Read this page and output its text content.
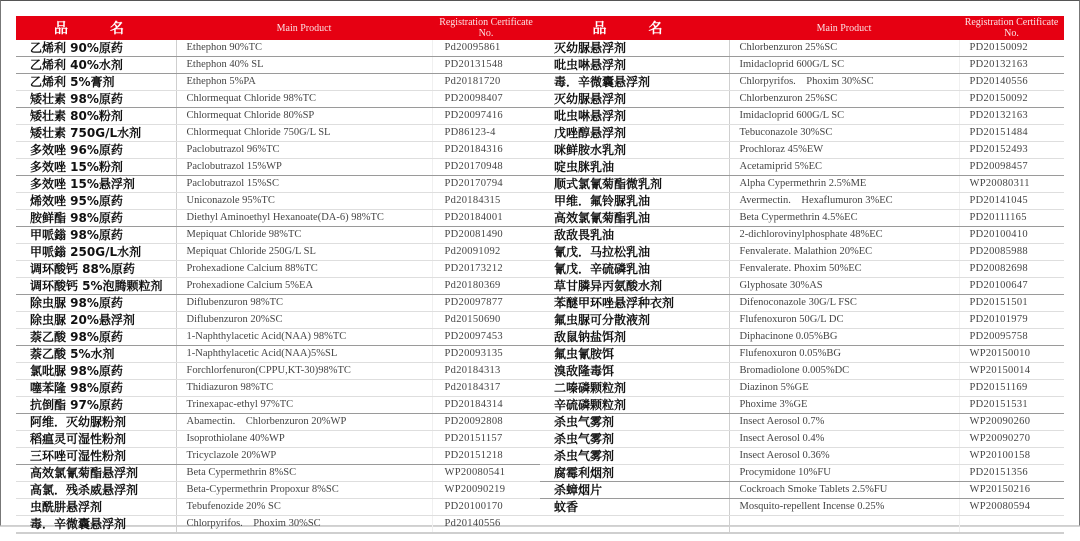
品　名	Main Product	Registration Certificate No.
乙烯利 90%原药	Ethephon 90%TC	Pd20095861
乙烯利 40%水剂	Ethephon 40% SL	PD20131548
乙烯利 5%膏剂	Ethephon 5%PA	Pd20181720
矮壮素 98%原药	Chlormequat Chloride 98%TC	PD20098407
矮壮素 80%粉剂	Chlormequat Chloride 80%SP	PD20097416
矮壮素 750G/L水剂	Chlormequat Chloride 750G/L SL	PD86123-4
多效唑 96%原药	Paclobutrazol 96%TC	PD20184316
多效唑 15%粉剂	Paclobutrazol 15%WP	PD20170948
多效唑 15%悬浮剂	Paclobutrazol 15%SC	PD20170794
烯效唑 95%原药	Uniconazole 95%TC	Pd20184315
胺鲜酯 98%原药	Diethyl Aminoethyl Hexanoate(DA-6) 98%TC	PD20184001
甲哌鎓 98%原药	Mepiquat Chloride 98%TC	PD20081490
甲哌鎓 250G/L水剂	Mepiquat Chloride 250G/L SL	Pd20091092
调环酸钙 88%原药	Prohexadione Calcium 88%TC	PD20173212
调环酸钙 5%泡腾颗粒剂	Prohexadione Calcium 5%EA	Pd20180369
除虫脲 98%原药	Diflubenzuron 98%TC	PD20097877
除虫脲 20%悬浮剂	Diflubenzuron 20%SC	Pd20150690
萘乙酸 98%原药	1-Naphthylacetic Acid(NAA) 98%TC	PD20097453
萘乙酸 5%水剂	1-Naphthylacetic Acid(NAA)5%SL	PD20093135
氯吡脲 98%原药	Forchlorfenuron(CPPU,KT-30)98%TC	Pd20184313
噻苯隆 98%原药	Thidiazuron 98%TC	Pd20184317
抗倒酯 97%原药	Trinexapac-ethyl 97%TC	PD20184314
阿维．灭幼脲粉剂	Abamectin.　Chlorbenzuron 20%WP	PD20092808
稻瘟灵可湿性粉剂	Isoprothiolane 40%WP	PD20151157
三环唑可湿性粉剂	Tricyclazole 20%WP	PD20151218
高效氯氰菊酯悬浮剂	Beta Cypermethrin 8%SC	WP20080541
高氯．残杀威悬浮剂	Beta-Cypermethrin Propoxur 8%SC	WP20090219
虫酰肼悬浮剂	Tebufenozide 20% SC	PD20100170
毒．辛微囊悬浮剂	Chlorpyrifos.　Phoxim 30%SC	Pd20140556
品　名	Main Product	Registration Certificate No.
灭幼脲悬浮剂	Chlorbenzuron 25%SC	PD20150092
吡虫啉悬浮剂	Imidacloprid 600G/L SC	PD20132163
毒．辛微囊悬浮剂	Chlorpyrifos.　Phoxim 30%SC	PD20140556
灭幼脲悬浮剂	Chlorbenzuron 25%SC	PD20150092
吡虫啉悬浮剂	Imidacloprid 600G/L SC	PD20132163
戊唑醇悬浮剂	Tebuconazole 30%SC	PD20151484
咪鲜胺水乳剂	Prochloraz 45%EW	PD20152493
啶虫脒乳油	Acetamiprid 5%EC	PD20098457
顺式氯氰菊酯微乳剂	Alpha Cypermethrin 2.5%ME	WP20080311
甲维．氟铃脲乳油	Avermectin.　Hexaflumuron 3%EC	PD20141045
高效氯氰菊酯乳油	Beta Cypermethrin 4.5%EC	PD20111165
敌敌畏乳油	2-dichlorovinylphosphate 48%EC	PD20100410
氰戊．马拉松乳油	Fenvalerate. Malathion 20%EC	PD20085988
氰戊．辛硫磷乳油	Fenvalerate. Phoxim 50%EC	PD20082698
草甘膦异丙氨酸水剂	Glyphosate 30%AS	PD20100647
苯醚甲环唑悬浮种衣剂	Difenoconazole 30G/L FSC	PD20151501
氟虫脲可分散液剂	Flufenoxuron 50G/L DC	PD20101979
敌鼠钠盐饵剂	Diphacinone 0.05%BG	PD20095758
氟虫氰胺饵	Flufenoxuron 0.05%BG	WP20150010
溴敌隆毒饵	Bromadiolone 0.005%DC	WP20150014
二嗪磷颗粒剂	Diazinon 5%GE	PD20151169
辛硫磷颗粒剂	Phoxime 3%GE	PD20151531
杀虫气雾剂	Insect Aerosol 0.7%	WP20090260
杀虫气雾剂	Insect Aerosol 0.4%	WP20090270
杀虫气雾剂	Insect Aerosol 0.36%	WP20100158
腐霉利烟剂	Procymidone 10%FU	PD20151356
杀蟑烟片	Cockroach Smoke Tablets 2.5%FU	WP20150216
蚊香	Mosquito-repellent Incense 0.25%	WP20080594
